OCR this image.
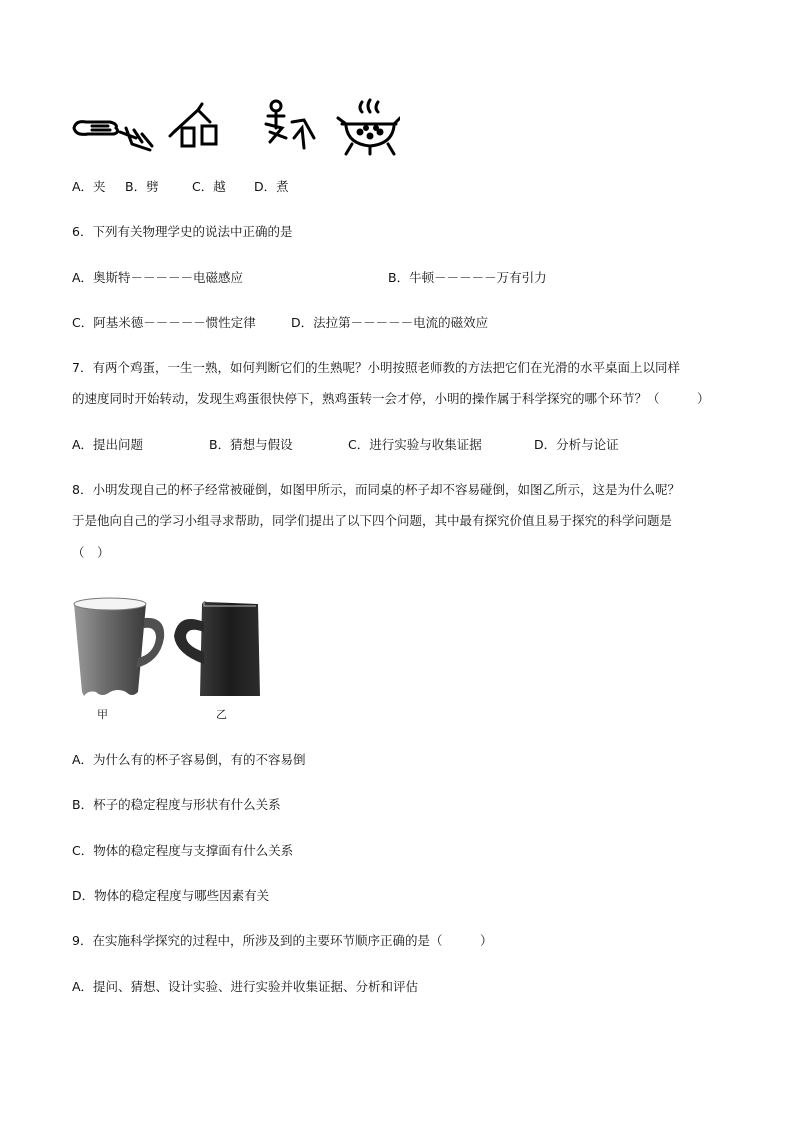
A．夹 B．劈	C．越 D．煮
6．下列有关物理学史的说法中正确的是
A．奥斯特－－－－－电磁感应	B．牛顿－－－－－万有引力
C．阿基米德－－－－－惯性定律	D．法拉第－－－－－电流的磁效应
7．有两个鸡蛋，一生一熟，如何判断它们的生熟呢？小明按照老师教的方法把它们在光滑的水平桌面上以同样
的速度同时开始转动，发现生鸡蛋很快停下，熟鸡蛋转一会才停，小明的操作属于科学探究的哪个环节？（　　　）
A．提出问题	B．猜想与假设	C．进行实验与收集证据	D．分析与论证
8．小明发现自己的杯子经常被碰倒，如图甲所示，而同桌的杯子却不容易碰倒，如图乙所示，这是为什么呢？
于是他向自己的学习小组寻求帮助，同学们提出了以下四个问题，其中最有探究价值且易于探究的科学问题是
（　）
甲	乙
A．为什么有的杯子容易倒，有的不容易倒
B．杯子的稳定程度与形状有什么关系
C．物体的稳定程度与支撑面有什么关系
D．物体的稳定程度与哪些因素有关
9．在实施科学探究的过程中，所涉及到的主要环节顺序正确的是（　　　）
A．提问、猜想、设计实验、进行实验并收集证据、分析和评估
